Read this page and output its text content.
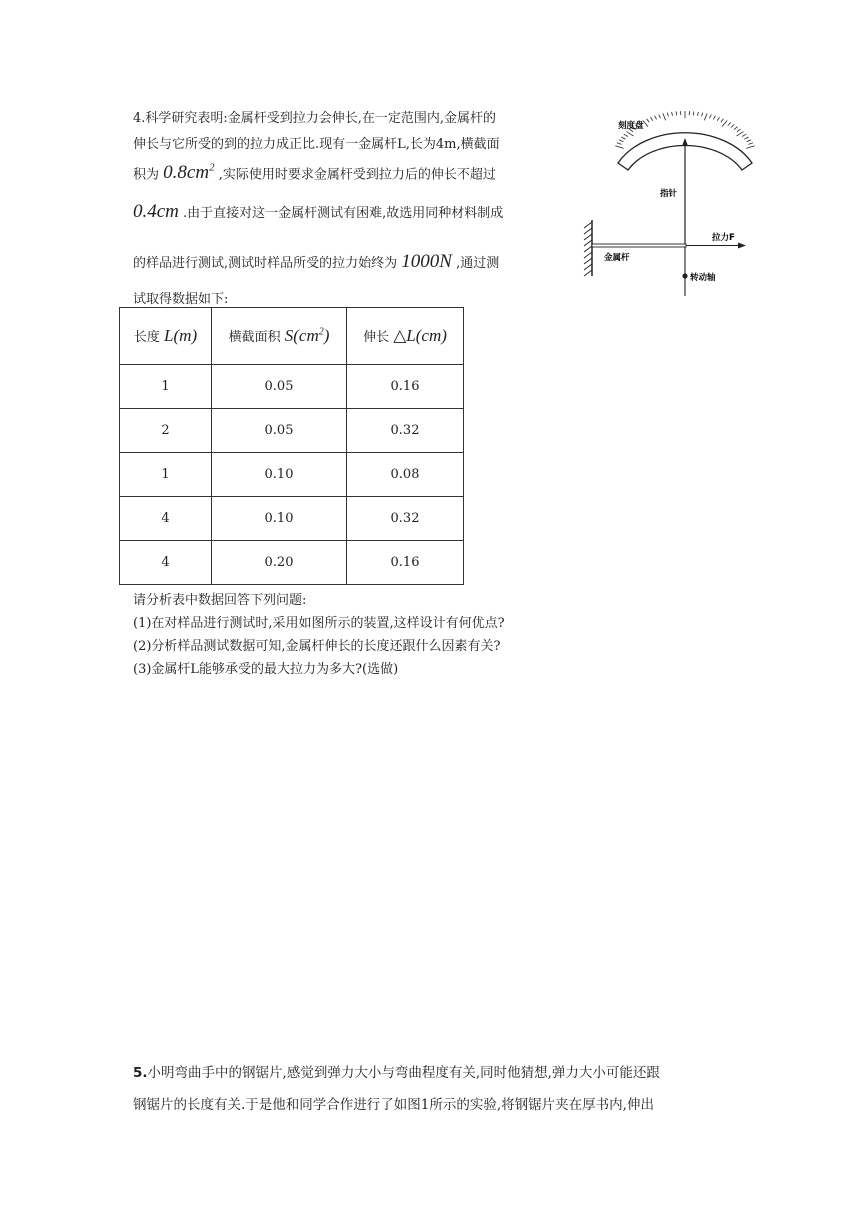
4.科学研究表明:金属杆受到拉力会伸长,在一定范围内,金属杆的
伸长与它所受的到的拉力成正比.现有一金属杆L,长为4m,横截面
积为 $0.8cm^2$ ,实际使用时要求金属杆受到拉力后的伸长不超过
0.4cm .由于直接对这一金属杆测试有困难,故选用同种材料制成
的样品进行测试,测试时样品所受的拉力始终为 1000N ,通过测
试取得数据如下:
刻度盘
指针
拉力F
金属杆
转动轴
长度 L(m)	横截面积 $S(cm^2)$	伸长 △L(cm)
1	0.05	0.16
2	0.05	0.32
1	0.10	0.08
4	0.10	0.32
4	0.20	0.16
请分析表中数据回答下列问题:
(1)在对样品进行测试时,采用如图所示的装置,这样设计有何优点?
(2)分析样品测试数据可知,金属杆伸长的长度还跟什么因素有关?
(3)金属杆L能够承受的最大拉力为多大?(选做)
5.小明弯曲手中的钢锯片,感觉到弹力大小与弯曲程度有关,同时他猜想,弹力大小可能还跟
钢锯片的长度有关.于是他和同学合作进行了如图1所示的实验,将钢锯片夹在厚书内,伸出
